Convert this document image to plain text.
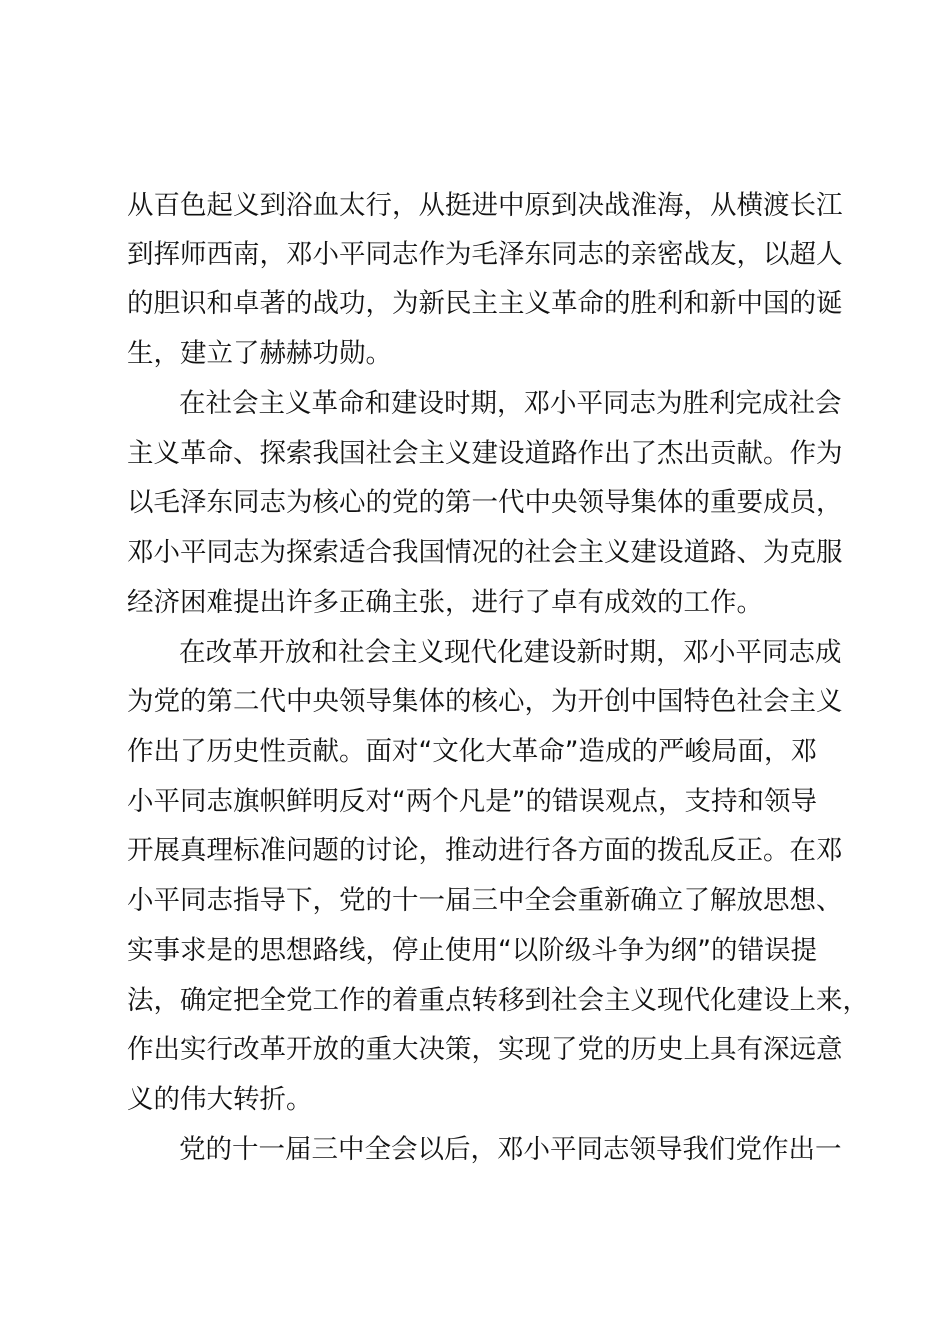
从百色起义到浴血太行，从挺进中原到决战淮海，从横渡长江
到挥师西南，邓小平同志作为毛泽东同志的亲密战友，以超人
的胆识和卓著的战功，为新民主主义革命的胜利和新中国的诞
生，建立了赫赫功勋。
在社会主义革命和建设时期，邓小平同志为胜利完成社会
主义革命、探索我国社会主义建设道路作出了杰出贡献。作为
以毛泽东同志为核心的党的第一代中央领导集体的重要成员，
邓小平同志为探索适合我国情况的社会主义建设道路、为克服
经济困难提出许多正确主张，进行了卓有成效的工作。
在改革开放和社会主义现代化建设新时期，邓小平同志成
为党的第二代中央领导集体的核心，为开创中国特色社会主义
作出了历史性贡献。面对“文化大革命”造成的严峻局面，邓
小平同志旗帜鲜明反对“两个凡是”的错误观点，支持和领导
开展真理标准问题的讨论，推动进行各方面的拨乱反正。在邓
小平同志指导下，党的十一届三中全会重新确立了解放思想、
实事求是的思想路线，停止使用“以阶级斗争为纲”的错误提
法，确定把全党工作的着重点转移到社会主义现代化建设上来，
作出实行改革开放的重大决策，实现了党的历史上具有深远意
义的伟大转折。
党的十一届三中全会以后，邓小平同志领导我们党作出一
